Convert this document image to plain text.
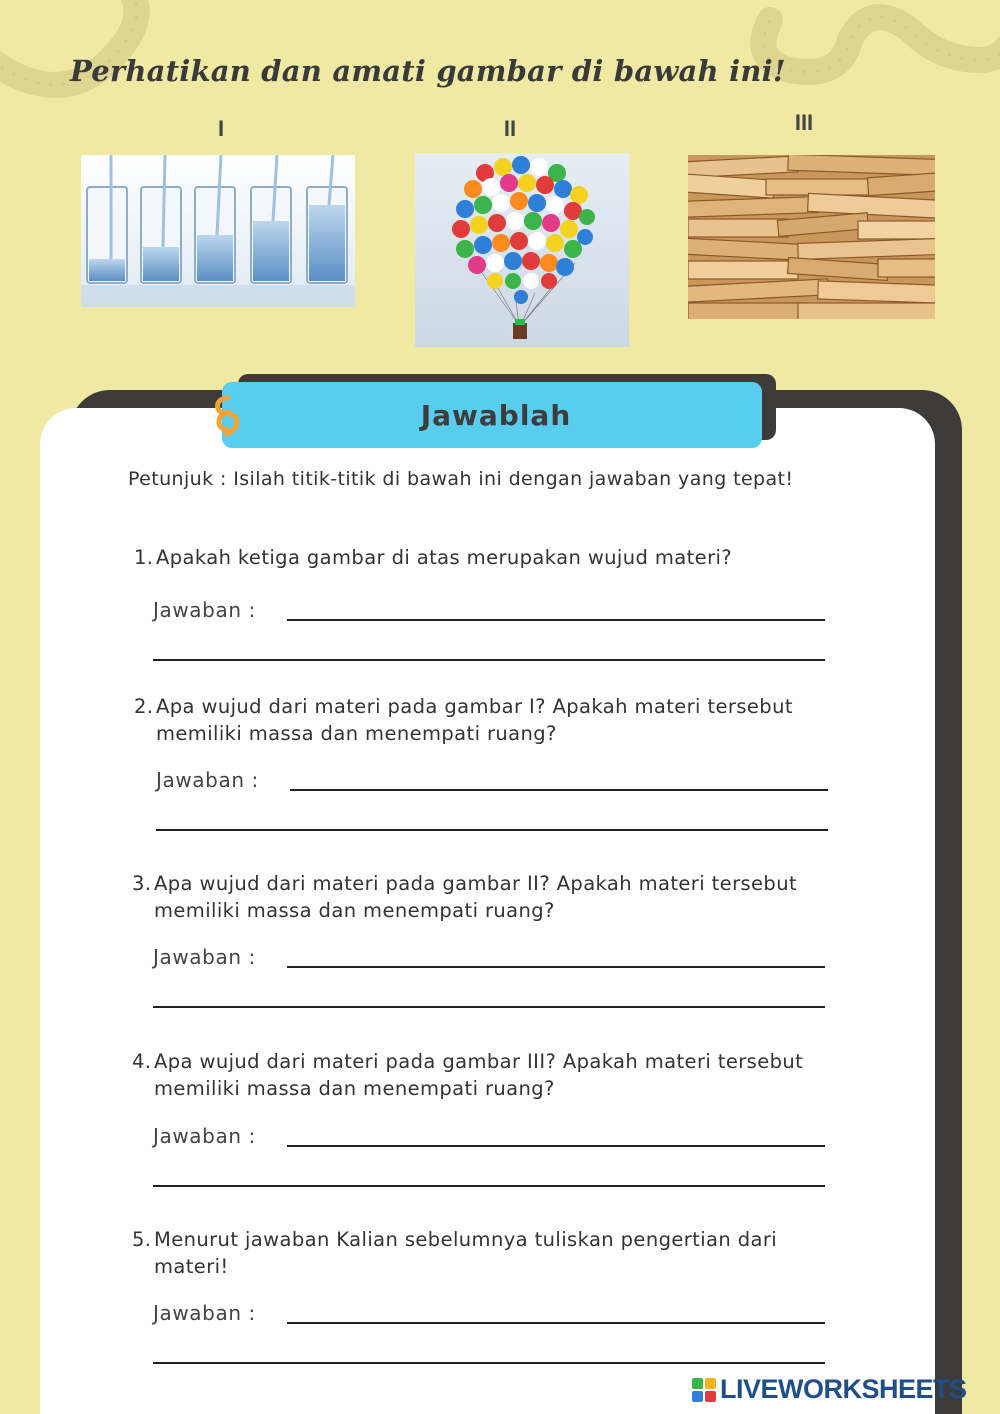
Perhatikan dan amati gambar di bawah ini!
I	II	III
Jawablah

Petunjuk : Isilah titik-titik di bawah ini dengan jawaban yang tepat!

1. Apakah ketiga gambar di atas merupakan wujud materi?
Jawaban :
2. Apa wujud dari materi pada gambar I? Apakah materi tersebut memiliki massa dan menempati ruang?
Jawaban :
3. Apa wujud dari materi pada gambar II? Apakah materi tersebut memiliki massa dan menempati ruang?
Jawaban :
4. Apa wujud dari materi pada gambar III? Apakah materi tersebut memiliki massa dan menempati ruang?
Jawaban :
5. Menurut jawaban Kalian sebelumnya tuliskan pengertian dari materi!
Jawaban :
LIVEWORKSHEETS
